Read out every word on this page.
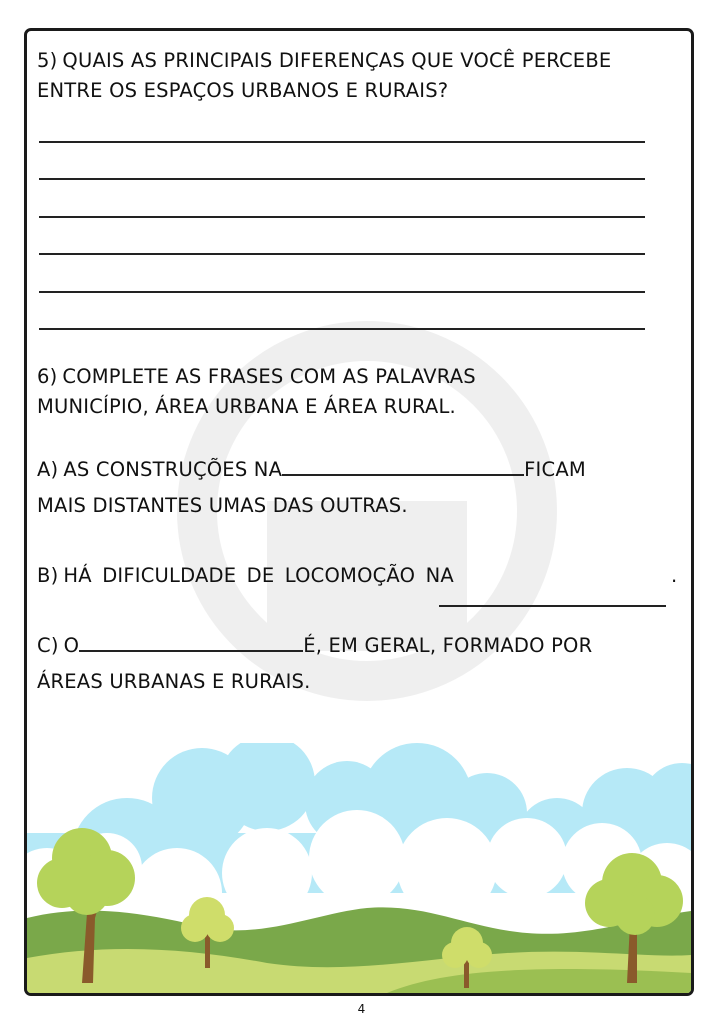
5) QUAIS AS PRINCIPAIS DIFERENÇAS QUE VOCÊ PERCEBE
ENTRE OS ESPAÇOS URBANOS E RURAIS?
6) COMPLETE AS FRASES COM AS PALAVRAS
MUNICÍPIO, ÁREA URBANA E ÁREA RURAL.
A) AS CONSTRUÇÕES NA	FICAM
MAIS DISTANTES UMAS DAS OUTRAS.
B) HÁ DIFICULDADE DE LOCOMOÇÃO NA	.
C) O	É, EM GERAL, FORMADO POR
ÁREAS URBANAS E RURAIS.
4
